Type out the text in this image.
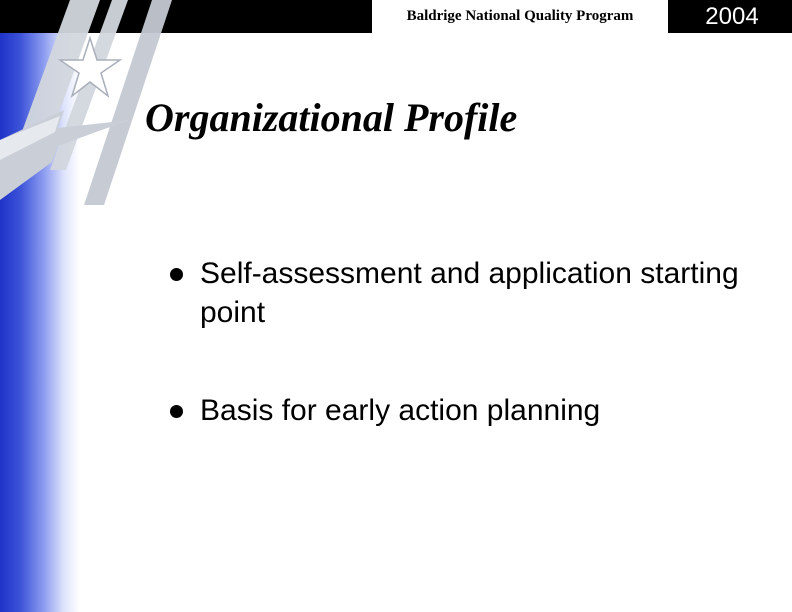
Baldrige National Quality Program	2004
Organizational Profile
Self-assessment and application starting point
Basis for early action planning
